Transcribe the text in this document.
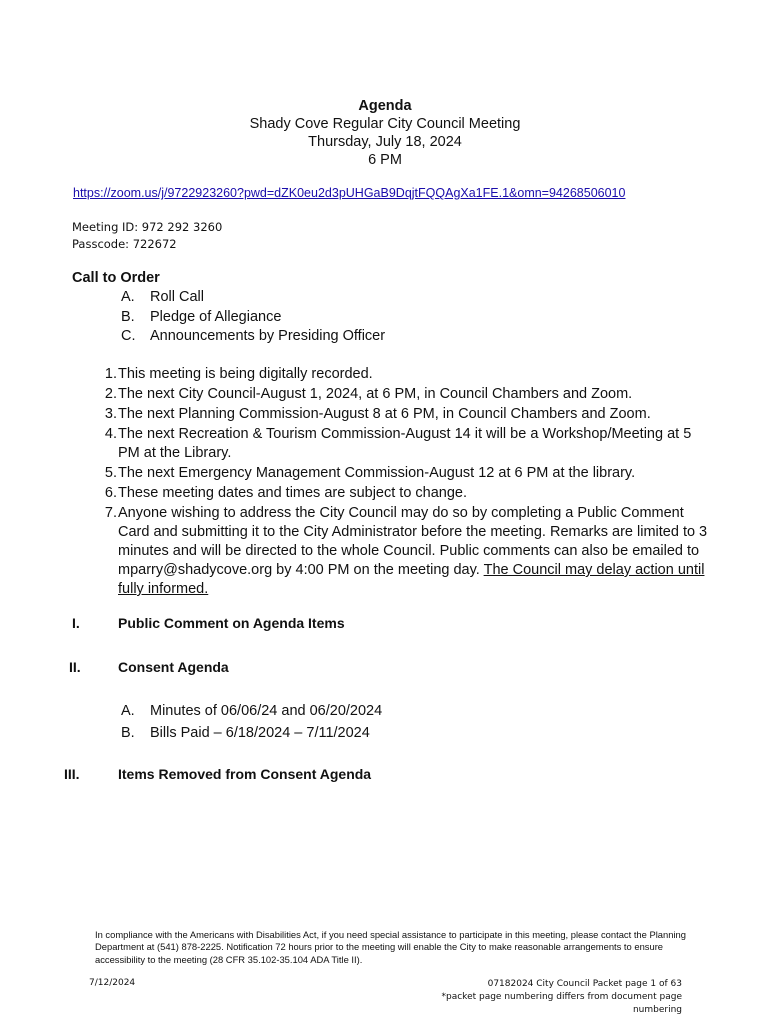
Agenda
Shady Cove Regular City Council Meeting
Thursday, July 18, 2024
6 PM
https://zoom.us/j/9722923260?pwd=dZK0eu2d3pUHGaB9DqjtFQQAgXa1FE.1&omn=94268506010
Meeting ID: 972 292 3260
Passcode: 722672
Call to Order
A.	Roll Call
B.	Pledge of Allegiance
C.	Announcements by Presiding Officer
1. This meeting is being digitally recorded.
2. The next City Council-August 1, 2024, at 6 PM, in Council Chambers and Zoom.
3. The next Planning Commission-August 8 at 6 PM, in Council Chambers and Zoom.
4. The next Recreation & Tourism Commission-August 14 it will be a Workshop/Meeting at 5 PM at the Library.
5. The next Emergency Management Commission-August 12 at 6 PM at the library.
6. These meeting dates and times are subject to change.
7. Anyone wishing to address the City Council may do so by completing a Public Comment Card and submitting it to the City Administrator before the meeting. Remarks are limited to 3 minutes and will be directed to the whole Council. Public comments can also be emailed to mparry@shadycove.org by 4:00 PM on the meeting day. The Council may delay action until fully informed.
I.	Public Comment on Agenda Items
II.	Consent Agenda
A.	Minutes of 06/06/24 and 06/20/2024
B.	Bills Paid – 6/18/2024 – 7/11/2024
III.	Items Removed from Consent Agenda
In compliance with the Americans with Disabilities Act, if you need special assistance to participate in this meeting, please contact the Planning Department at (541) 878-2225. Notification 72 hours prior to the meeting will enable the City to make reasonable arrangements to ensure accessibility to the meeting (28 CFR 35.102-35.104 ADA Title II).
7/12/2024	07182024 City Council Packet page 1 of 63
*packet page numbering differs from document page numbering
